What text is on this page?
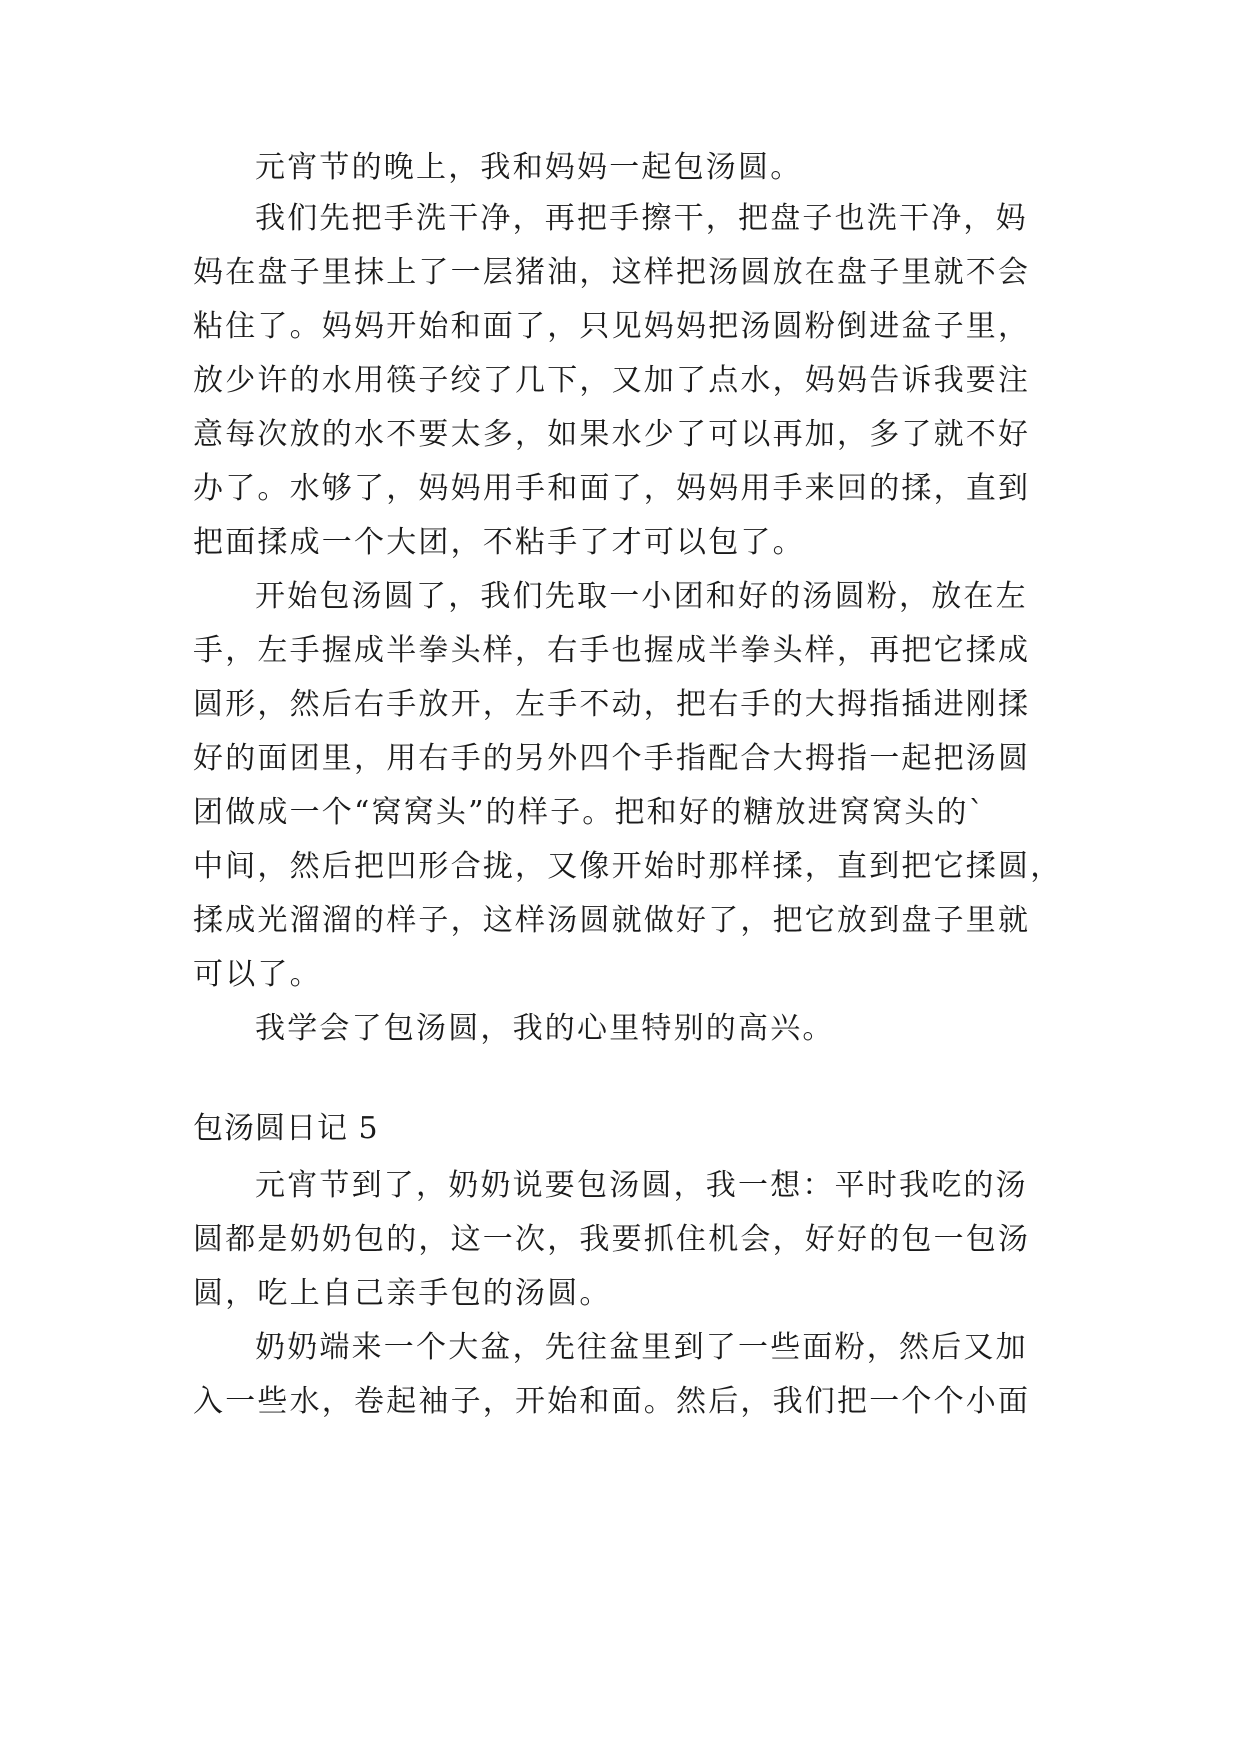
元宵节的晚上，我和妈妈一起包汤圆。
我们先把手洗干净，再把手擦干，把盘子也洗干净，妈
妈在盘子里抹上了一层猪油，这样把汤圆放在盘子里就不会
粘住了。妈妈开始和面了，只见妈妈把汤圆粉倒进盆子里，
放少许的水用筷子绞了几下，又加了点水，妈妈告诉我要注
意每次放的水不要太多，如果水少了可以再加，多了就不好
办了。水够了，妈妈用手和面了，妈妈用手来回的揉，直到
把面揉成一个大团，不粘手了才可以包了。
开始包汤圆了，我们先取一小团和好的汤圆粉，放在左
手，左手握成半拳头样，右手也握成半拳头样，再把它揉成
圆形，然后右手放开，左手不动，把右手的大拇指插进刚揉
好的面团里，用右手的另外四个手指配合大拇指一起把汤圆
团做成一个“窝窝头”的样子。把和好的糖放进窝窝头的`
中间，然后把凹形合拢，又像开始时那样揉，直到把它揉圆，
揉成光溜溜的样子，这样汤圆就做好了，把它放到盘子里就
可以了。
我学会了包汤圆，我的心里特别的高兴。
包汤圆日记 5
元宵节到了，奶奶说要包汤圆，我一想：平时我吃的汤
圆都是奶奶包的，这一次，我要抓住机会，好好的包一包汤
圆，吃上自己亲手包的汤圆。
奶奶端来一个大盆，先往盆里到了一些面粉，然后又加
入一些水，卷起袖子，开始和面。然后，我们把一个个小面
